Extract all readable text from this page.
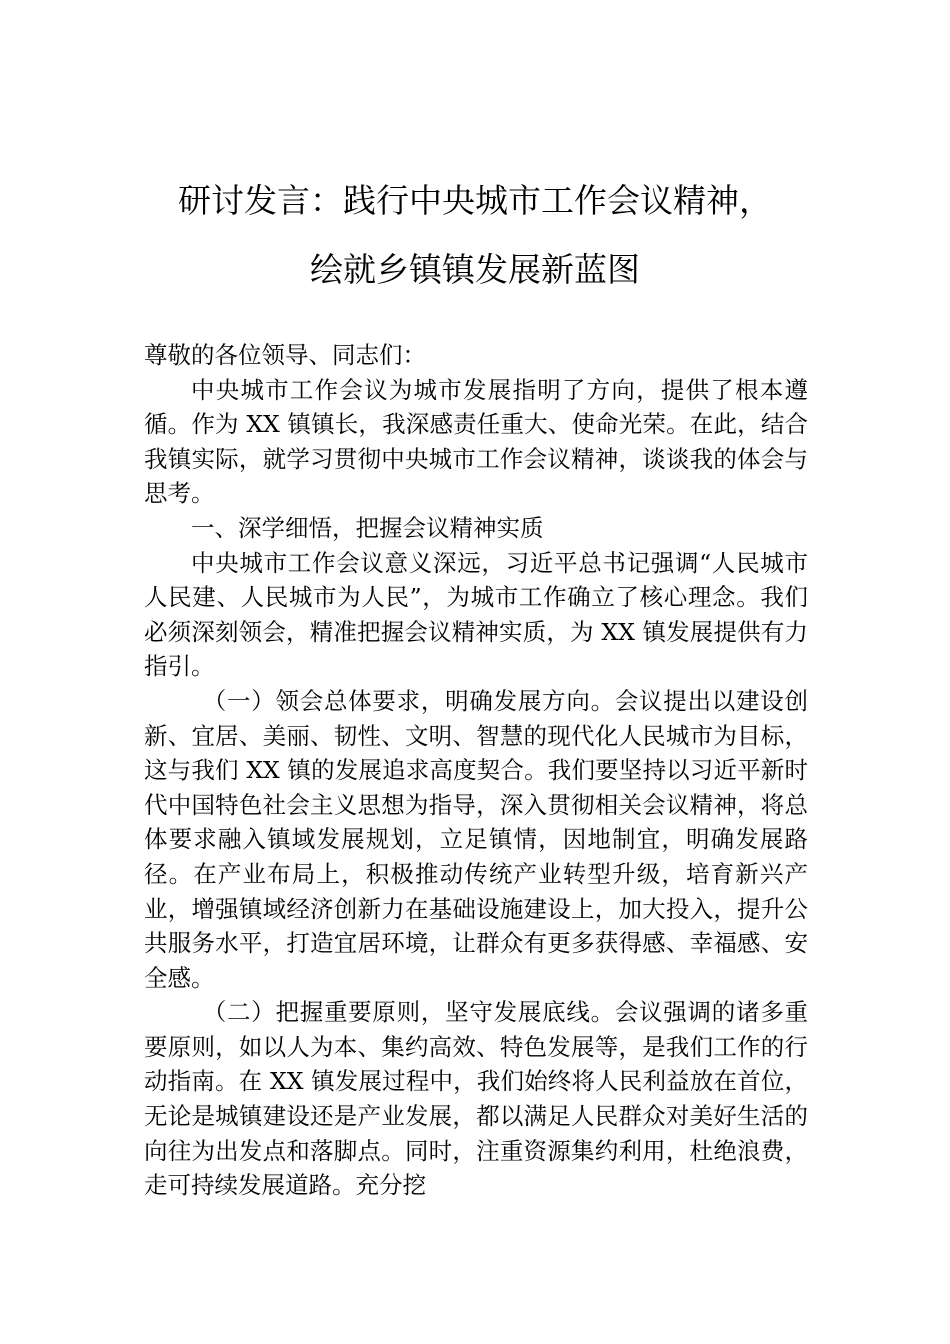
研讨发言：践行中央城市工作会议精神，
绘就乡镇镇发展新蓝图

尊敬的各位领导、同志们：

中央城市工作会议为城市发展指明了方向，提供了根本遵循。作为 XX 镇镇长，我深感责任重大、使命光荣。在此，结合我镇实际，就学习贯彻中央城市工作会议精神，谈谈我的体会与思考。

一、深学细悟，把握会议精神实质

中央城市工作会议意义深远，习近平总书记强调“人民城市人民建、人民城市为人民”，为城市工作确立了核心理念。我们必须深刻领会，精准把握会议精神实质，为 XX 镇发展提供有力指引。

（一）领会总体要求，明确发展方向。会议提出以建设创新、宜居、美丽、韧性、文明、智慧的现代化人民城市为目标，这与我们 XX 镇的发展追求高度契合。我们要坚持以习近平新时代中国特色社会主义思想为指导，深入贯彻相关会议精神，将总体要求融入镇域发展规划，立足镇情，因地制宜，明确发展路径。在产业布局上，积极推动传统产业转型升级，培育新兴产业，增强镇域经济创新力在基础设施建设上，加大投入，提升公共服务水平，打造宜居环境，让群众有更多获得感、幸福感、安全感。

（二）把握重要原则，坚守发展底线。会议强调的诸多重要原则，如以人为本、集约高效、特色发展等，是我们工作的行动指南。在 XX 镇发展过程中，我们始终将人民利益放在首位，无论是城镇建设还是产业发展，都以满足人民群众对美好生活的向往为出发点和落脚点。同时，注重资源集约利用，杜绝浪费，走可持续发展道路。充分挖
